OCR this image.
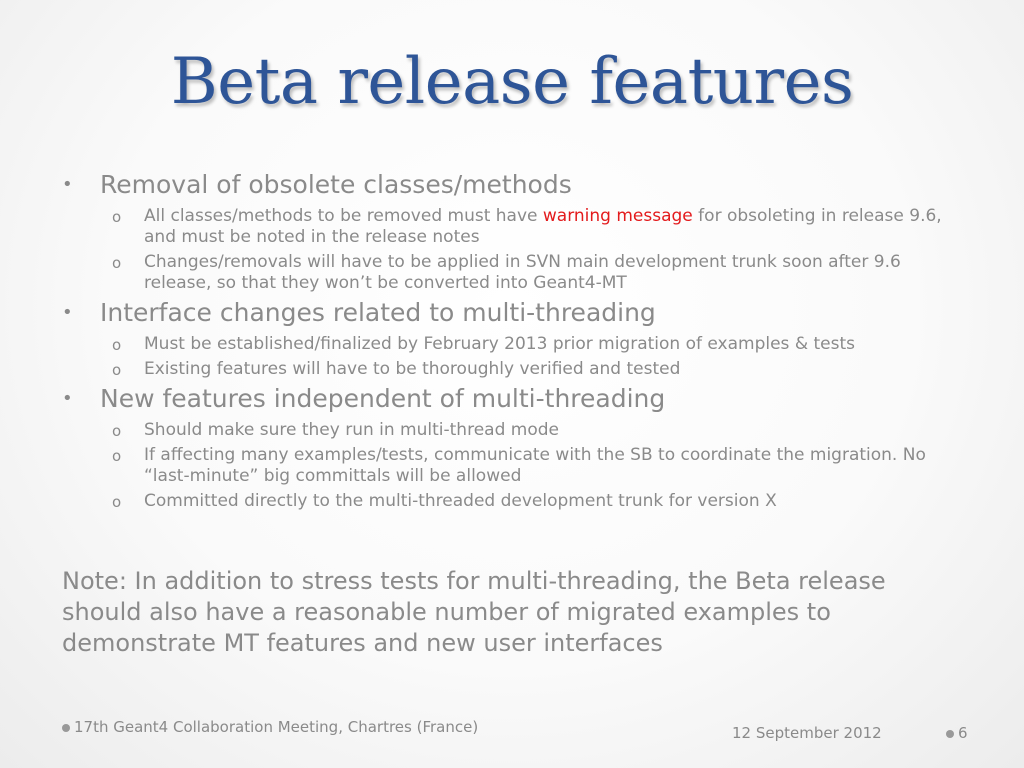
Beta release features
• Removal of obsolete classes/methods
o All classes/methods to be removed must have warning message for obsoleting in release 9.6, and must be noted in the release notes
o Changes/removals will have to be applied in SVN main development trunk soon after 9.6 release, so that they won’t be converted into Geant4-MT
• Interface changes related to multi-threading
o Must be established/finalized by February 2013 prior migration of examples & tests
o Existing features will have to be thoroughly verified and tested
• New features independent of multi-threading
o Should make sure they run in multi-thread mode
o If affecting many examples/tests, communicate with the SB to coordinate the migration. No “last-minute” big committals will be allowed
o Committed directly to the multi-threaded development trunk for version X
Note: In addition to stress tests for multi-threading, the Beta release should also have a reasonable number of migrated examples to demonstrate MT features and new user interfaces
17th Geant4 Collaboration Meeting, Chartres (France)	12 September 2012	6
